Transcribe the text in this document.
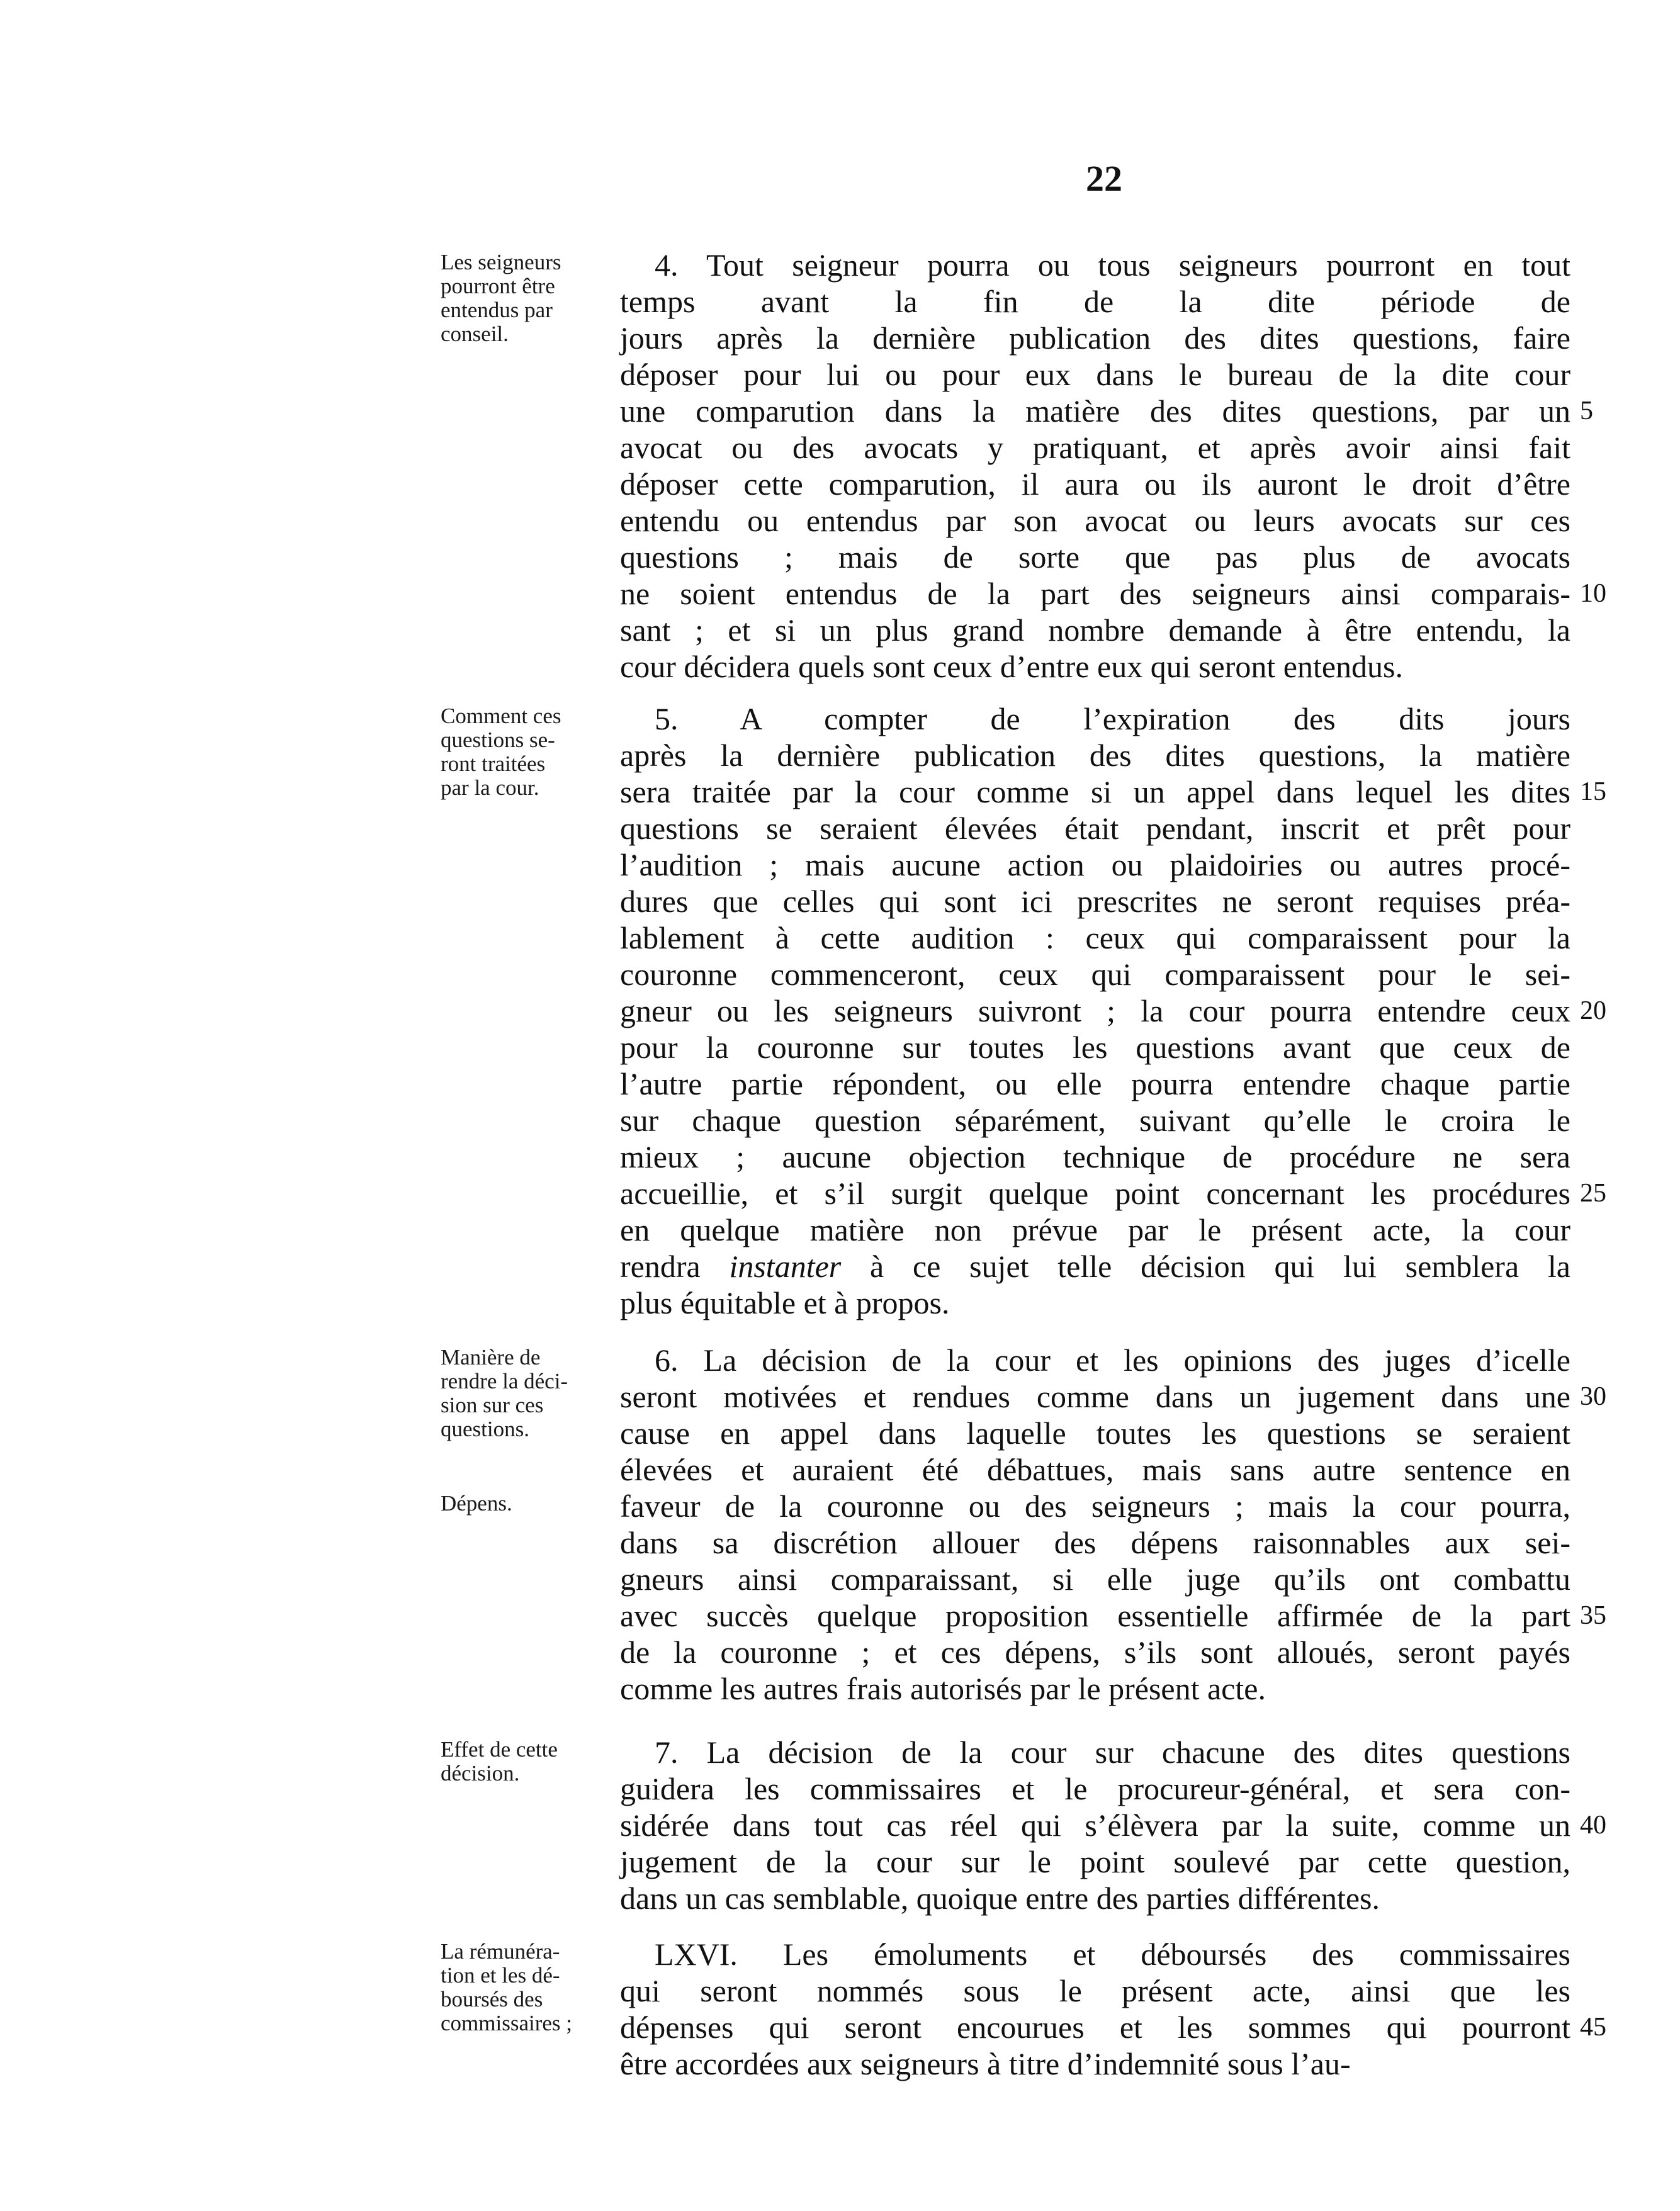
22
Les seigneurs
pourront être
entendus par
conseil.
4. Tout seigneur pourra ou tous seigneurs pourront en tout
temps avant la fin de la dite période de
jours après la dernière publication des dites questions, faire
déposer pour lui ou pour eux dans le bureau de la dite cour
une comparution dans la matière des dites questions, par un 5
avocat ou des avocats y pratiquant, et après avoir ainsi fait
déposer cette comparution, il aura ou ils auront le droit d’être
entendu ou entendus par son avocat ou leurs avocats sur ces
questions ; mais de sorte que pas plus de avocats
ne soient entendus de la part des seigneurs ainsi comparais- 10
sant ; et si un plus grand nombre demande à être entendu, la
cour décidera quels sont ceux d’entre eux qui seront entendus.
Comment ces
questions se-
ront traitées
par la cour.
5. A compter de l’expiration des dits jours
après la dernière publication des dites questions, la matière
sera traitée par la cour comme si un appel dans lequel les dites 15
questions se seraient élevées était pendant, inscrit et prêt pour
l’audition ; mais aucune action ou plaidoiries ou autres procé-
dures que celles qui sont ici prescrites ne seront requises préa-
lablement à cette audition : ceux qui comparaissent pour la
couronne commenceront, ceux qui comparaissent pour le sei-
gneur ou les seigneurs suivront ; la cour pourra entendre ceux 20
pour la couronne sur toutes les questions avant que ceux de
l’autre partie répondent, ou elle pourra entendre chaque partie
sur chaque question séparément, suivant qu’elle le croira le
mieux ; aucune objection technique de procédure ne sera
accueillie, et s’il surgit quelque point concernant les procédures 25
en quelque matière non prévue par le présent acte, la cour
rendra instanter à ce sujet telle décision qui lui semblera la
plus équitable et à propos.
Manière de
rendre la déci-
sion sur ces
questions.
Dépens.
6. La décision de la cour et les opinions des juges d’icelle
seront motivées et rendues comme dans un jugement dans une 30
cause en appel dans laquelle toutes les questions se seraient
élevées et auraient été débattues, mais sans autre sentence en
faveur de la couronne ou des seigneurs ; mais la cour pourra,
dans sa discrétion allouer des dépens raisonnables aux sei-
gneurs ainsi comparaissant, si elle juge qu’ils ont combattu
avec succès quelque proposition essentielle affirmée de la part 35
de la couronne ; et ces dépens, s’ils sont alloués, seront payés
comme les autres frais autorisés par le présent acte.
Effet de cette
décision.
7. La décision de la cour sur chacune des dites questions
guidera les commissaires et le procureur-général, et sera con-
sidérée dans tout cas réel qui s’élèvera par la suite, comme un 40
jugement de la cour sur le point soulevé par cette question,
dans un cas semblable, quoique entre des parties différentes.
La rémunéra-
tion et les dé-
boursés des
commissaires ;
LXVI. Les émoluments et déboursés des commissaires
qui seront nommés sous le présent acte, ainsi que les
dépenses qui seront encourues et les sommes qui pourront 45
être accordées aux seigneurs à titre d’indemnité sous l’au-
